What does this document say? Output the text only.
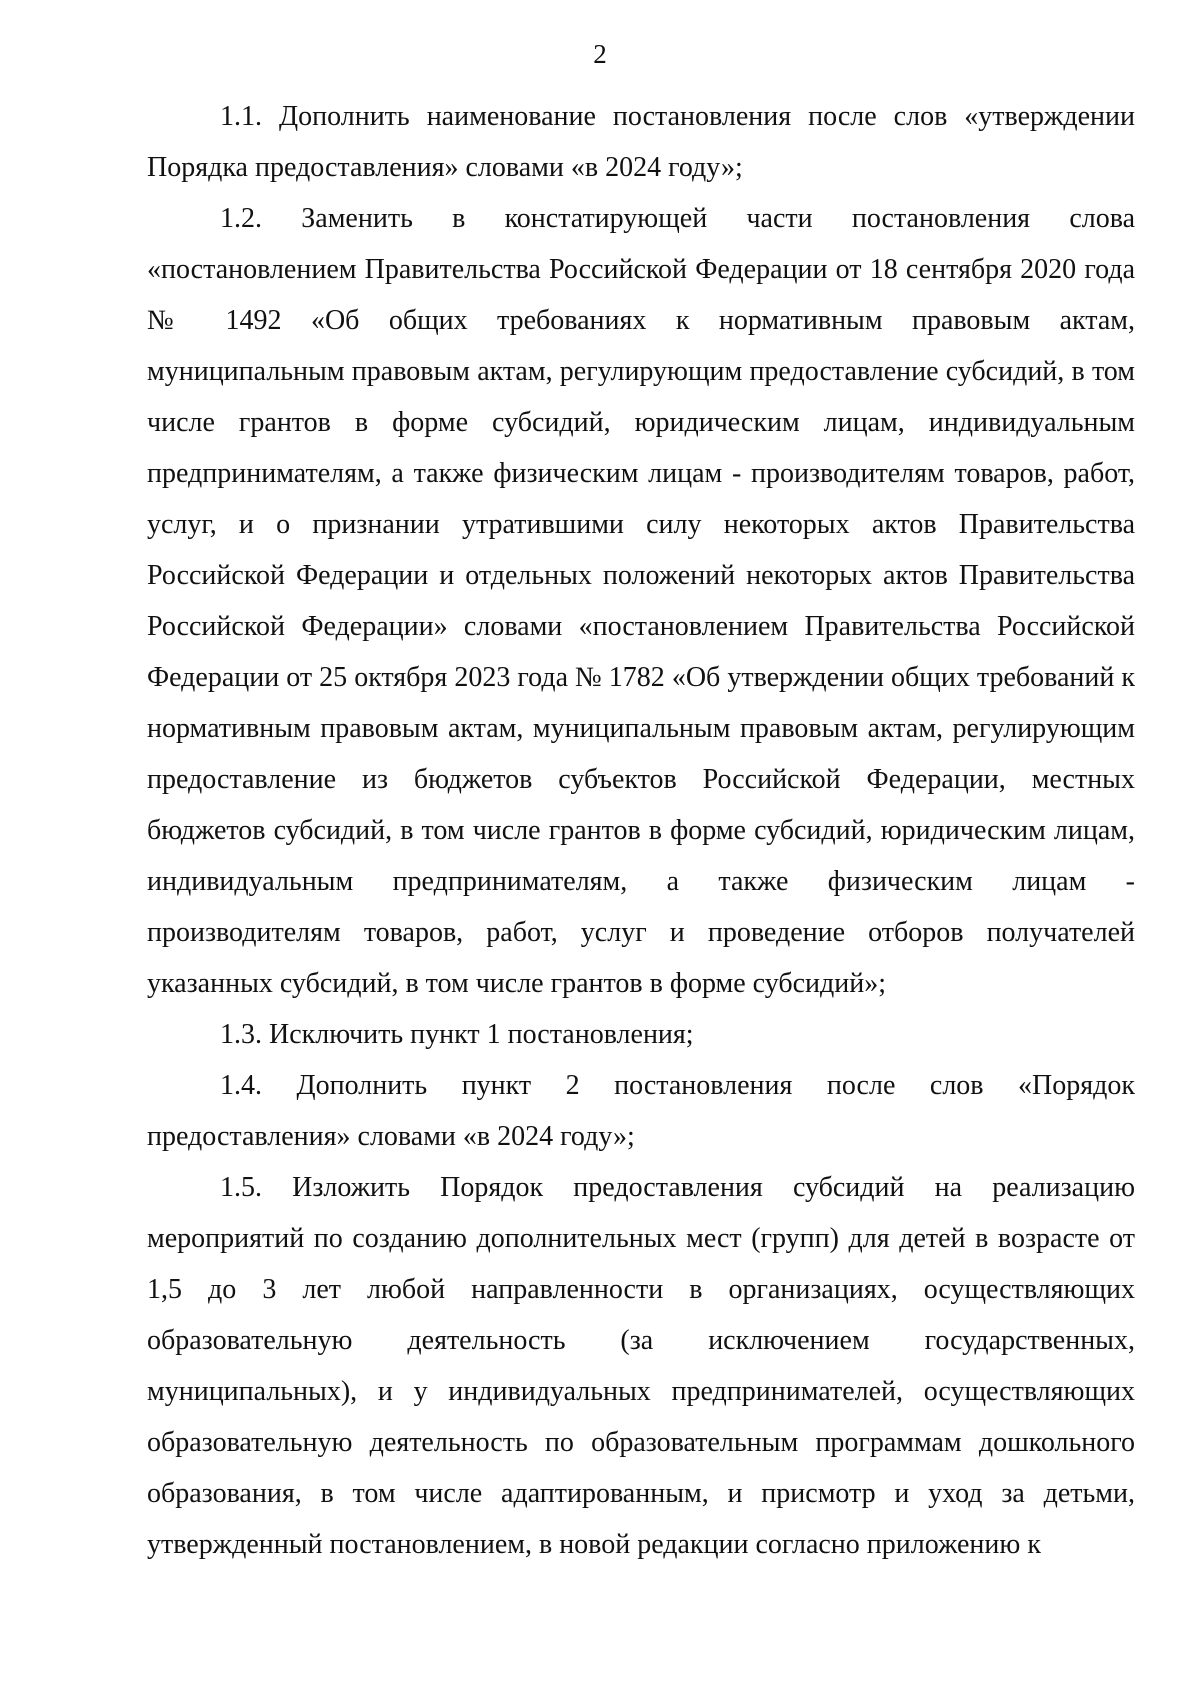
2

1.1. Дополнить наименование постановления после слов «утверждении Порядка предоставления» словами «в 2024 году»;

1.2. Заменить в констатирующей части постановления слова «постановлением Правительства Российской Федерации от 18 сентября 2020 года № 1492 «Об общих требованиях к нормативным правовым актам, муниципальным правовым актам, регулирующим предоставление субсидий, в том числе грантов в форме субсидий, юридическим лицам, индивидуальным предпринимателям, а также физическим лицам - производителям товаров, работ, услуг, и о признании утратившими силу некоторых актов Правительства Российской Федерации и отдельных положений некоторых актов Правительства Российской Федерации» словами «постановлением Правительства Российской Федерации от 25 октября 2023 года № 1782 «Об утверждении общих требований к нормативным правовым актам, муниципальным правовым актам, регулирующим предоставление из бюджетов субъектов Российской Федерации, местных бюджетов субсидий, в том числе грантов в форме субсидий, юридическим лицам, индивидуальным предпринимателям, а также физическим лицам - производителям товаров, работ, услуг и проведение отборов получателей указанных субсидий, в том числе грантов в форме субсидий»;

1.3. Исключить пункт 1 постановления;

1.4. Дополнить пункт 2 постановления после слов «Порядок предоставления» словами «в 2024 году»;

1.5. Изложить Порядок предоставления субсидий на реализацию мероприятий по созданию дополнительных мест (групп) для детей в возрасте от 1,5 до 3 лет любой направленности в организациях, осуществляющих образовательную деятельность (за исключением государственных, муниципальных), и у индивидуальных предпринимателей, осуществляющих образовательную деятельность по образовательным программам дошкольного образования, в том числе адаптированным, и присмотр и уход за детьми, утвержденный постановлением, в новой редакции согласно приложению к
